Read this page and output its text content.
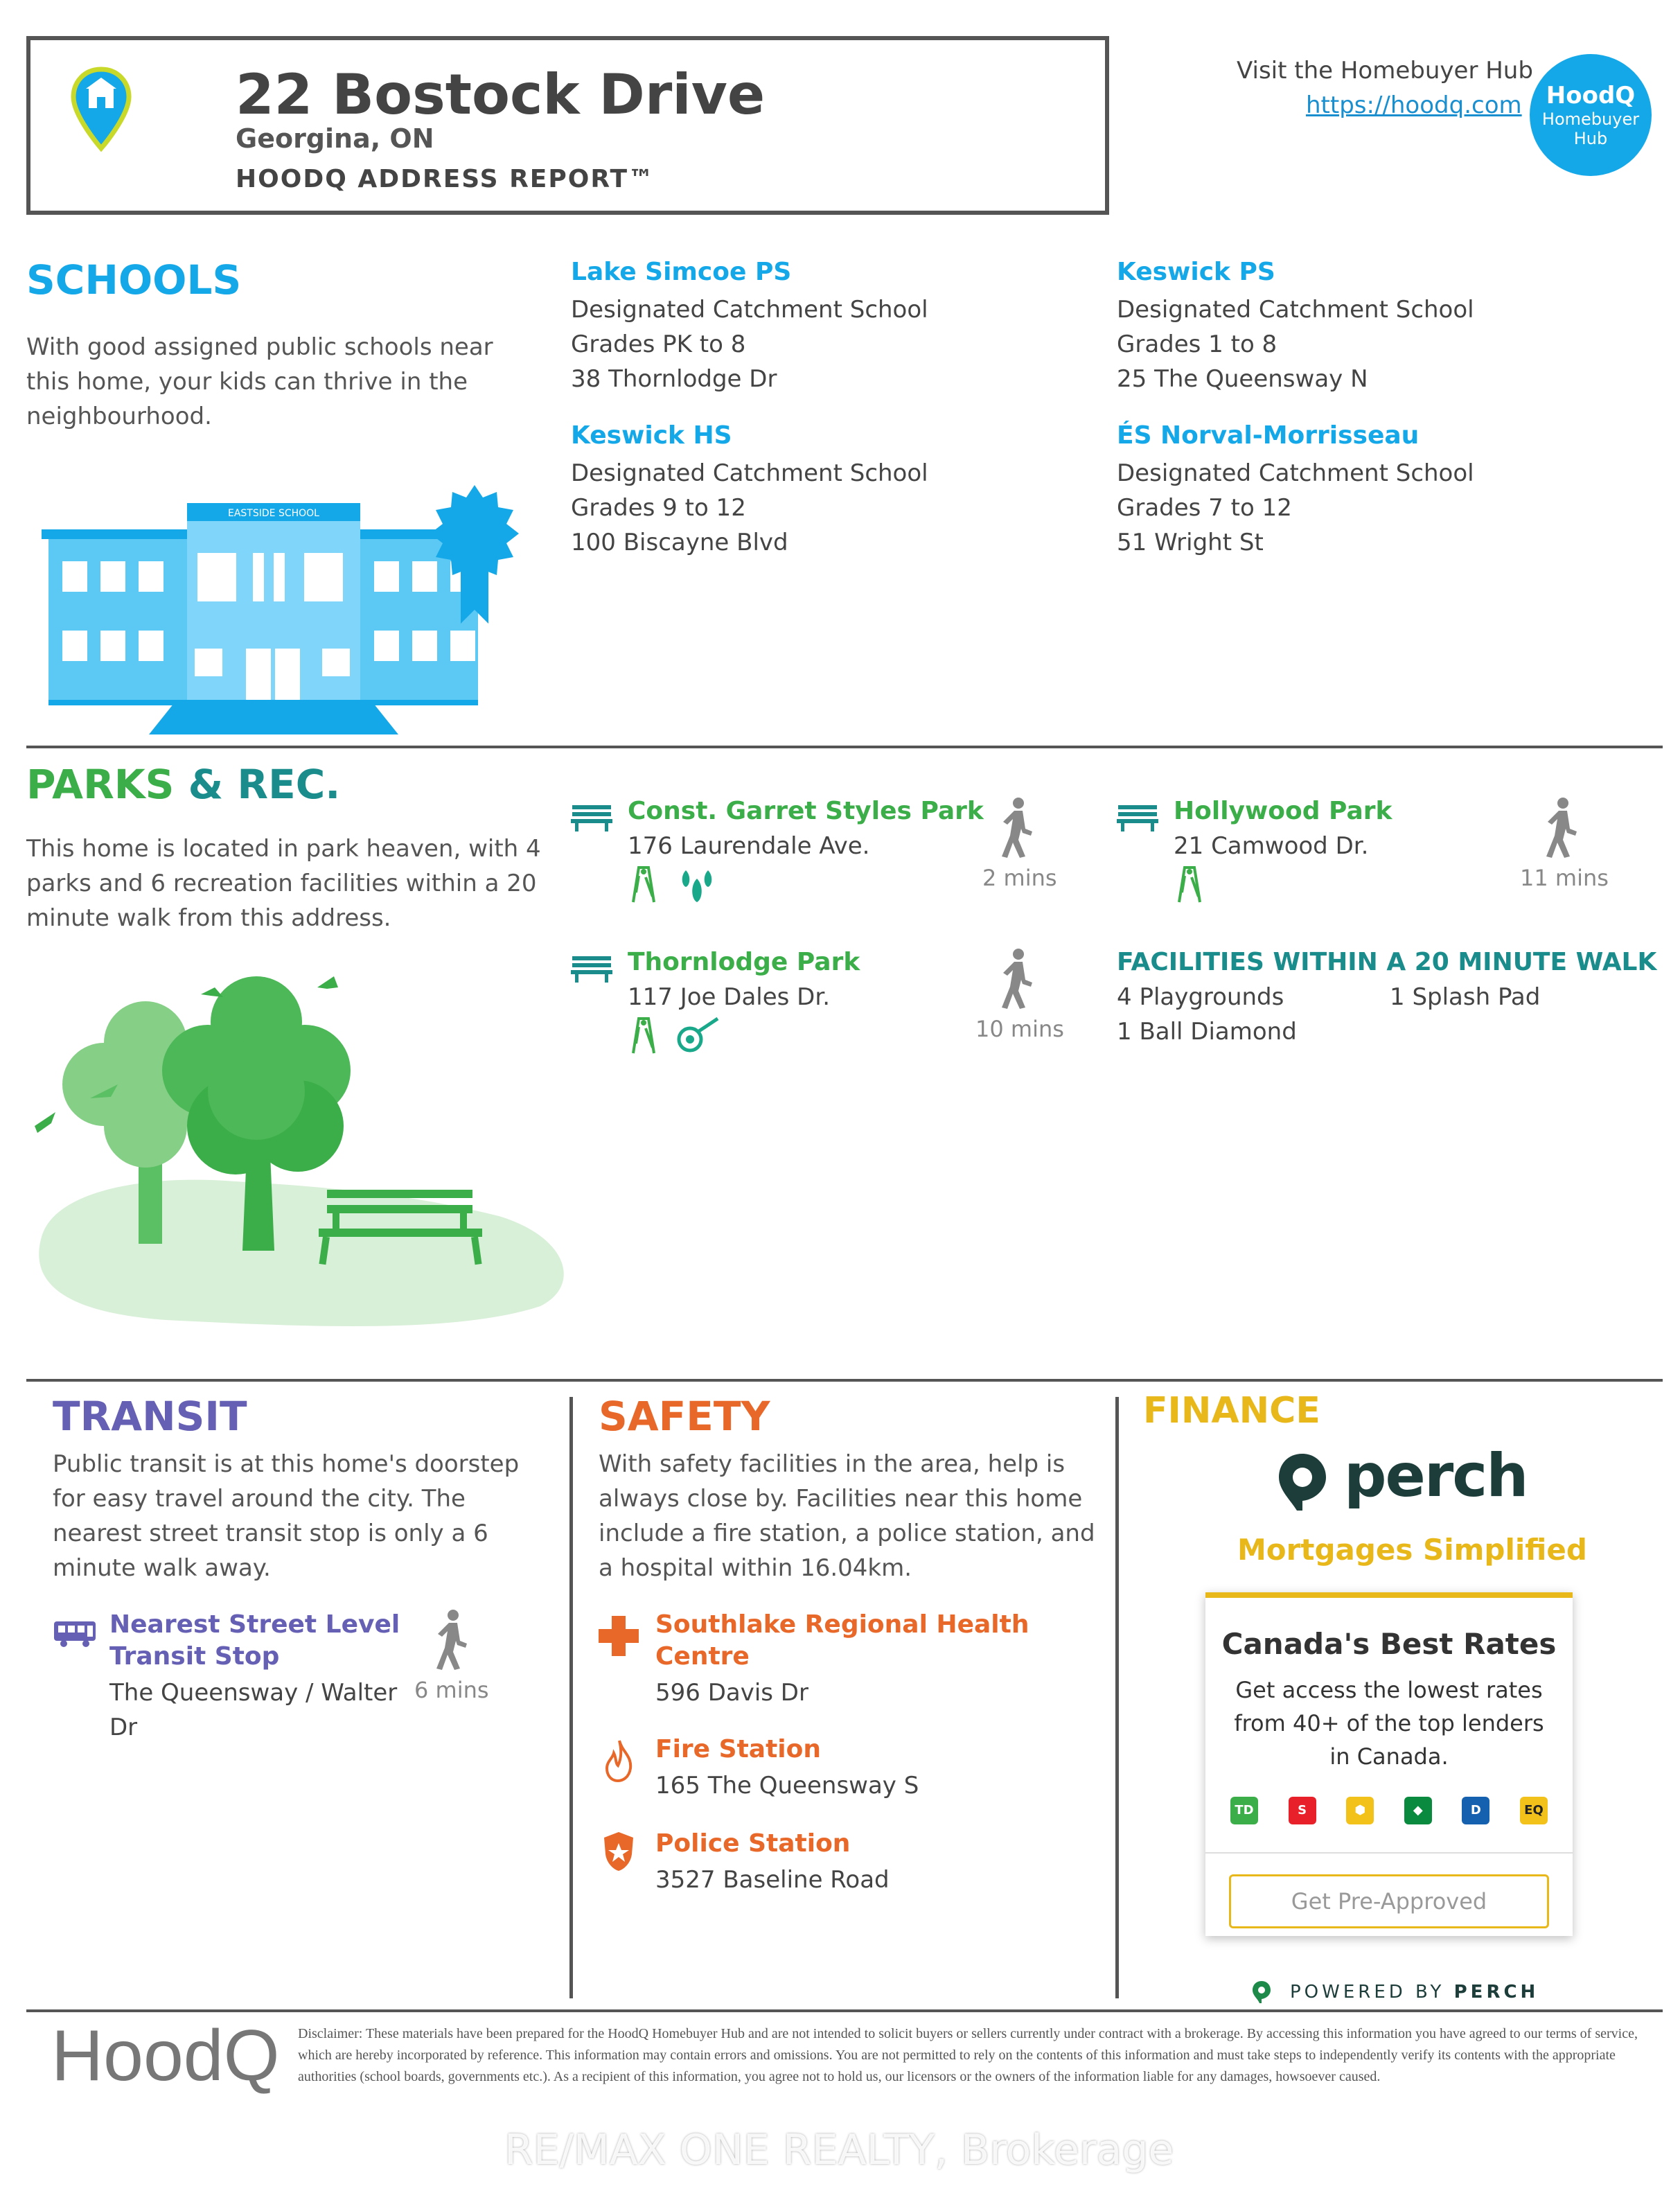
22 Bostock Drive
Georgina, ON
HOODQ ADDRESS REPORT™
Visit the Homebuyer Hub
https://hoodq.com	HoodQ
Homebuyer
Hub
SCHOOLS
With good assigned public schools near this home, your kids can thrive in the neighbourhood.
EASTSIDE SCHOOL
Lake Simcoe PS
Designated Catchment School
Grades PK to 8
38 Thornlodge Dr
Keswick PS
Designated Catchment School
Grades 1 to 8
25 The Queensway N
Keswick HS
Designated Catchment School
Grades 9 to 12
100 Biscayne Blvd
ÉS Norval-Morrisseau
Designated Catchment School
Grades 7 to 12
51 Wright St
PARKS & REC.
This home is located in park heaven, with 4 parks and 6 recreation facilities within a 20 minute walk from this address.
Const. Garret Styles Park
176 Laurendale Ave.
2 mins
Hollywood Park
21 Camwood Dr.
11 mins
Thornlodge Park
117 Joe Dales Dr.
10 mins
FACILITIES WITHIN A 20 MINUTE WALK
4 Playgrounds	1 Splash Pad
1 Ball Diamond
TRANSIT
Public transit is at this home's doorstep for easy travel around the city. The nearest street transit stop is only a 6 minute walk away.
Nearest Street Level
Transit Stop
The Queensway / Walter
Dr
6 mins
SAFETY
With safety facilities in the area, help is always close by. Facilities near this home include a fire station, a police station, and a hospital within 16.04km.
Southlake Regional Health
Centre
596 Davis Dr
Fire Station
165 The Queensway S
Police Station
3527 Baseline Road
FINANCE
perch
Mortgages Simplified
Canada's Best Rates
Get access the lowest rates from 40+ of the top lenders in Canada.
TD	S	⬢	◆	D	EQ
Get Pre-Approved
POWERED BY PERCH
HoodQ Disclaimer: These materials have been prepared for the HoodQ Homebuyer Hub and are not intended to solicit buyers or sellers currently under contract with a brokerage. By accessing this information you have agreed to our terms of service, which are hereby incorporated by reference. This information may contain errors and omissions. You are not permitted to rely on the contents of this information and must take steps to independently verify its contents with the appropriate authorities (school boards, governments etc.). As a recipient of this information, you agree not to hold us, our licensors or the owners of the information liable for any damages, howsoever caused.
RE/MAX ONE REALTY, Brokerage
